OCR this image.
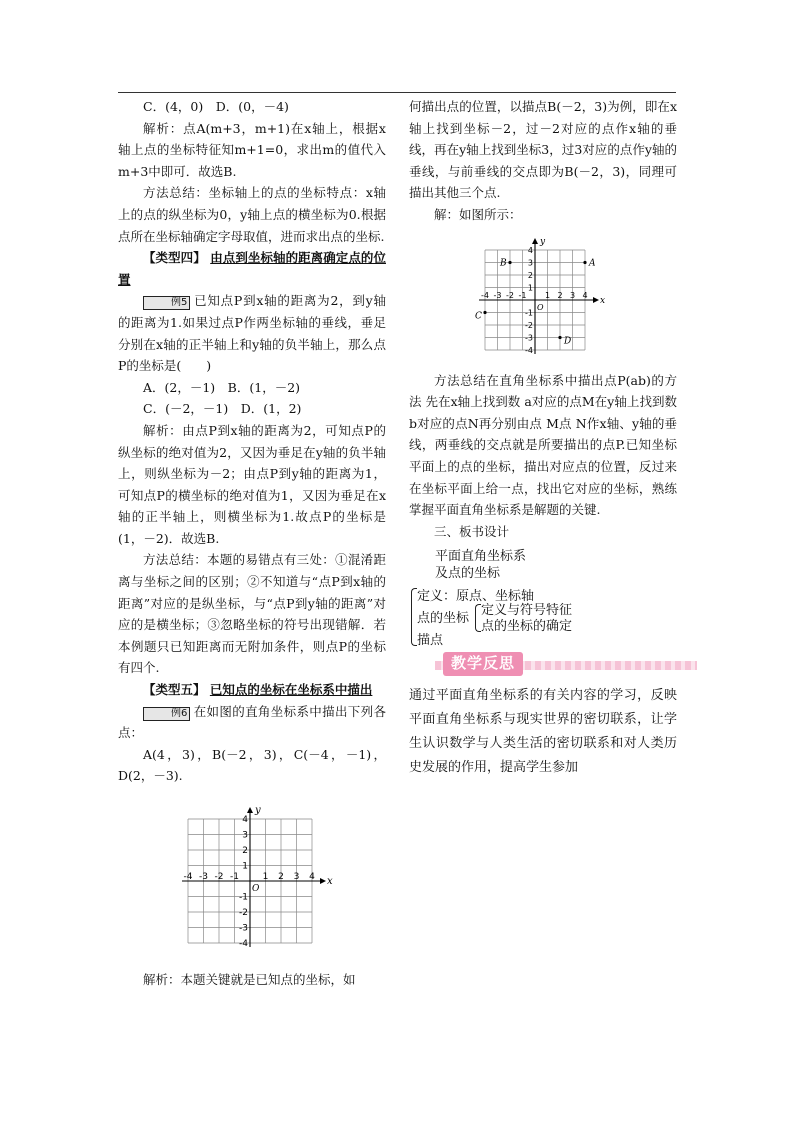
C．(4，0)　D．(0，－4)

解析：点A(m+3，m+1)在x轴上，根据x轴上点的坐标特征知m+1=0，求出m的值代入m+3中即可．故选B.

方法总结：坐标轴上的点的坐标特点：x轴上的点的纵坐标为0，y轴上点的横坐标为0.根据点所在坐标轴确定字母取值，进而求出点的坐标.

【类型四】 由点到坐标轴的距离确定点的位置

例5 已知点P到x轴的距离为2，到y轴的距离为1.如果过点P作两坐标轴的垂线，垂足分别在x轴的正半轴上和y轴的负半轴上，那么点P的坐标是(　　)

A．(2，－1)　B．(1，－2)

C．(－2，－1)　D．(1，2)

解析：由点P到x轴的距离为2，可知点P的纵坐标的绝对值为2，又因为垂足在y轴的负半轴上，则纵坐标为－2；由点P到y轴的距离为1，可知点P的横坐标的绝对值为1，又因为垂足在x轴的正半轴上，则横坐标为1.故点P的坐标是(1，－2)．故选B.

方法总结：本题的易错点有三处：①混淆距离与坐标之间的区别；②不知道与“点P到x轴的距离”对应的是纵坐标，与“点P到y轴的距离”对应的是横坐标；③忽略坐标的符号出现错解．若本例题只已知距离而无附加条件，则点P的坐标有四个.

【类型五】 已知点的坐标在坐标系中描出

例6 在如图的直角坐标系中描出下列各点：

A(4，3)，B(－2，3)，C(－4，－1)，D(2，－3).

x
y
O
-4 -3 -2 -1	1 2 3 4
1
2
3
4
-1
-2
-3
-4

解析：本题关键就是已知点的坐标，如

何描出点的位置，以描点B(－2，3)为例，即在x轴上找到坐标－2，过－2对应的点作x轴的垂线，再在y轴上找到坐标3，过3对应的点作y轴的垂线，与前垂线的交点即为B(－2，3)，同理可描出其他三个点.

解：如图所示：

x
y
O
-4 -3 -2 -1 1 2 3 4
1
2
3
4
-1
-2
-3
-4
A
B
C
D

方法总结在直角坐标系中描出点P(ab)的方法 先在x轴上找到数 a对应的点M在y轴上找到数b对应的点N再分别由点 M点 N作x轴、y轴的垂线，两垂线的交点就是所要描出的点P.已知坐标平面上的点的坐标，描出对应点的位置，反过来在坐标平面上给一点，找出它对应的坐标，熟练掌握平面直角坐标系是解题的关键.

三、板书设计

平面直角坐标系
及点的坐标
定义：原点、坐标轴
点的坐标
定义与符号特征
点的坐标的确定
描点
教学反思

通过平面直角坐标系的有关内容的学习，反映平面直角坐标系与现实世界的密切联系，让学生认识数学与人类生活的密切联系和对人类历史发展的作用，提高学生参加
